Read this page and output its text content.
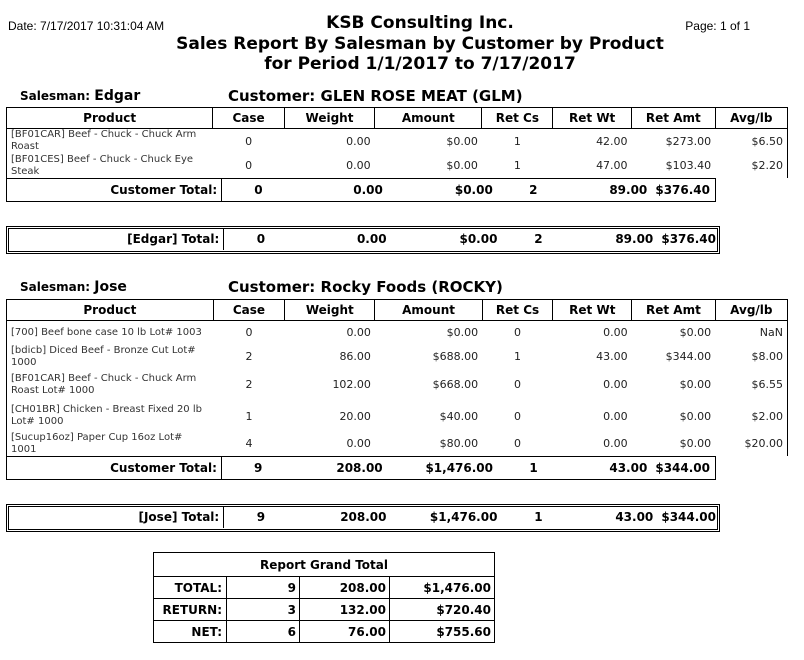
Date: 7/17/2017 10:31:04 AM	Page: 1 of 1
KSB Consulting Inc.
Sales Report By Salesman by Customer by Product
for Period 1/1/2017 to 7/17/2017
Salesman: Edgar	Customer: GLEN ROSE MEAT (GLM)
Product	Case	Weight	Amount	Ret Cs	Ret Wt	Ret Amt	Avg/lb
[BF01CAR] Beef - Chuck - Chuck Arm Roast	0	0.00	$0.00	1	42.00	$273.00	$6.50
[BF01CES] Beef - Chuck - Chuck Eye Steak	0	0.00	$0.00	1	47.00	$103.40	$2.20
Customer Total:	0	0.00	$0.00	2	89.00	$376.40
[Edgar] Total:	0	0.00	$0.00	2	89.00	$376.40
Salesman: Jose	Customer: Rocky Foods (ROCKY)
Product	Case	Weight	Amount	Ret Cs	Ret Wt	Ret Amt	Avg/lb
[700] Beef bone case 10 lb Lot# 1003	0	0.00	$0.00	0	0.00	$0.00	NaN
[bdicb] Diced Beef - Bronze Cut Lot# 1000	2	86.00	$688.00	1	43.00	$344.00	$8.00
[BF01CAR] Beef - Chuck - Chuck Arm Roast Lot# 1000	2	102.00	$668.00	0	0.00	$0.00	$6.55
[CH01BR] Chicken - Breast Fixed 20 lb Lot# 1000	1	20.00	$40.00	0	0.00	$0.00	$2.00
[Sucup16oz] Paper Cup 16oz Lot# 1001	4	0.00	$80.00	0	0.00	$0.00	$20.00
Customer Total:	9	208.00	$1,476.00	1	43.00	$344.00
[Jose] Total:	9	208.00	$1,476.00	1	43.00	$344.00
Report Grand Total			
TOTAL:	9	208.00	$1,476.00
RETURN:	3	132.00	$720.40
NET:	6	76.00	$755.60
